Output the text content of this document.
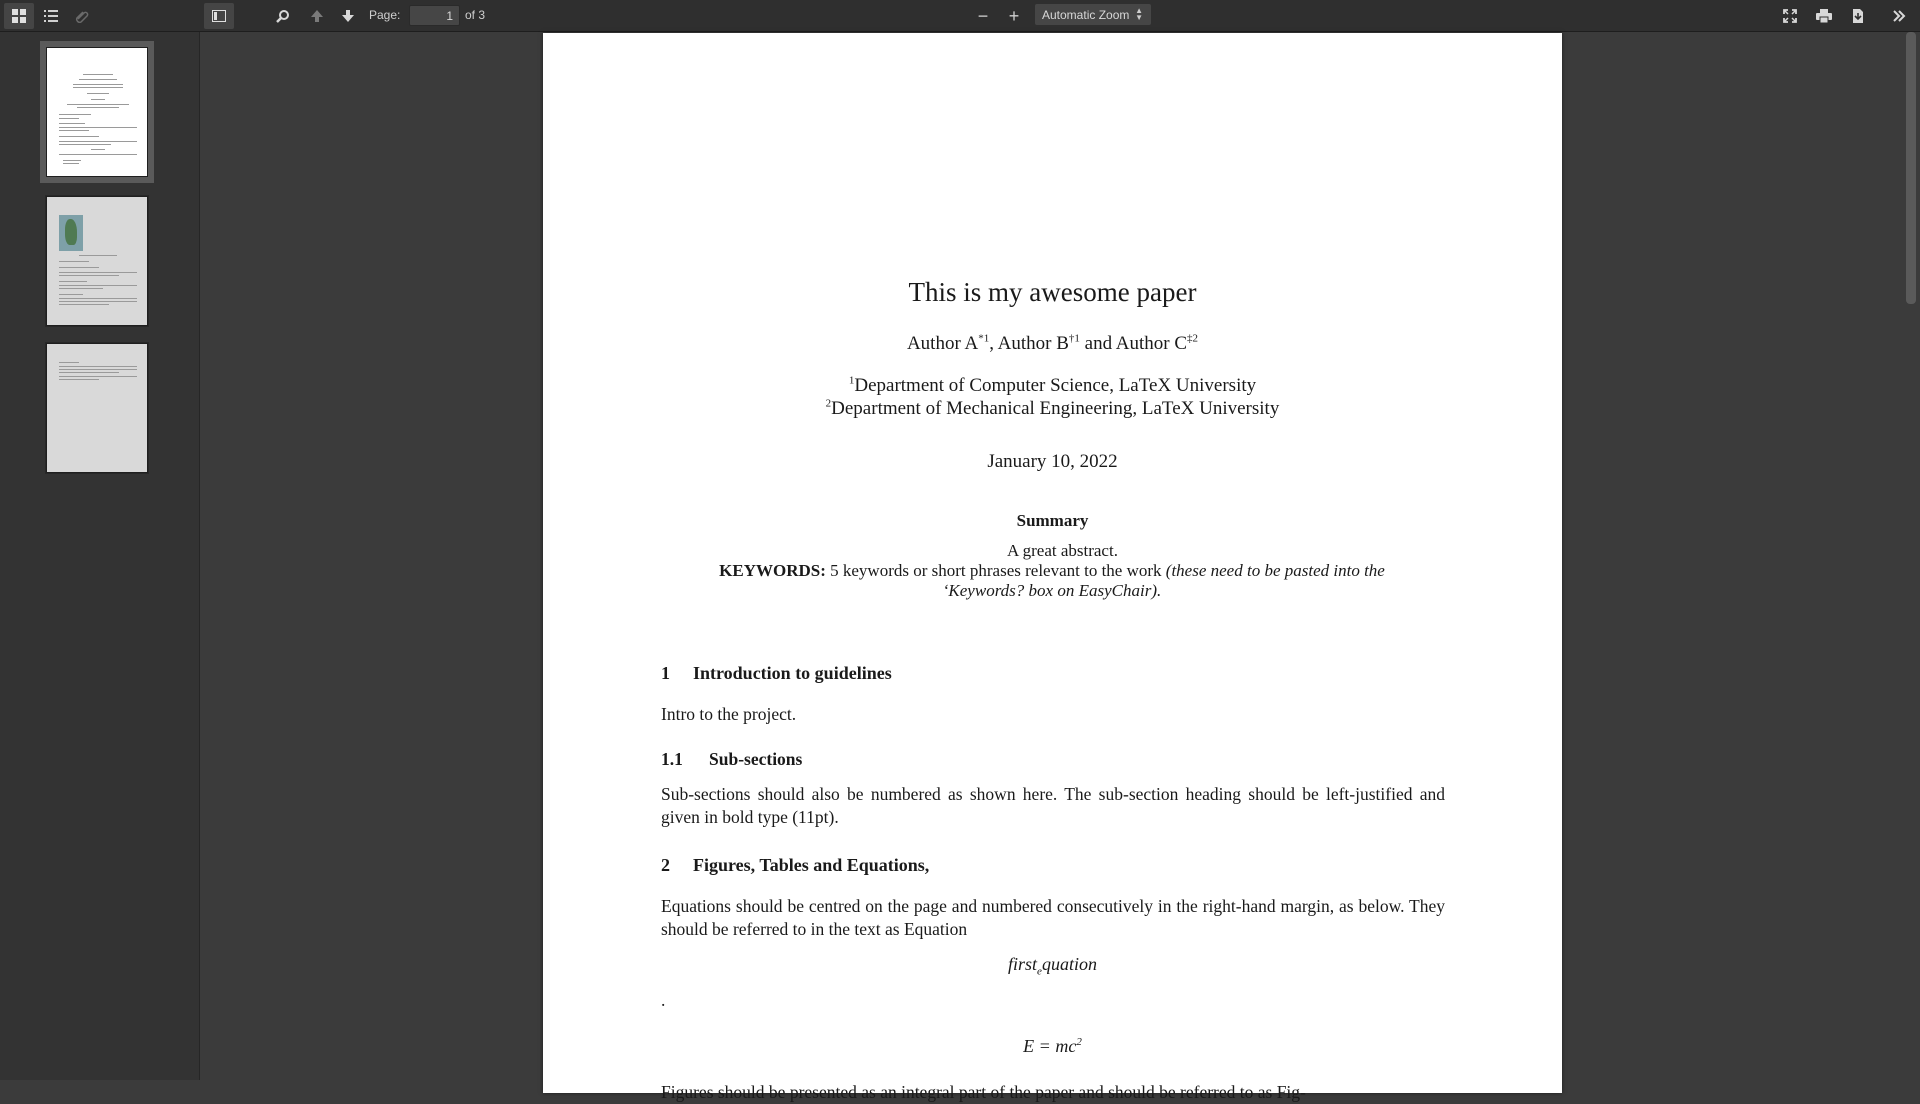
Page:
1	of 3	− + Automatic Zoom ▲
▼
This is my awesome paper
Author $A^{*1}$, Author $B^{\dagger 1}$ and Author $C^{\ddagger 2}$
$^1$Department of Computer Science, LaTeX University
$^2$Department of Mechanical Engineering, LaTeX University
January 10, 2022
Summary
A great abstract.
KEYWORDS: 5 keywords or short phrases relevant to the work (these need to be pasted into the ‘Keywords? box on EasyChair).
1 Introduction to guidelines
Intro to the project.
1.1 Sub-sections
Sub-sections should also be numbered as shown here. The sub-section heading should be left-justified and given in bold type (11pt).
2 Figures, Tables and Equations,
Equations should be centred on the page and numbered consecutively in the right-hand margin, as below. They should be referred to in the text as Equation
first$_e$quation
.
$E = mc^2$
Figures should be presented as an integral part of the paper and should be referred to as Fig-
